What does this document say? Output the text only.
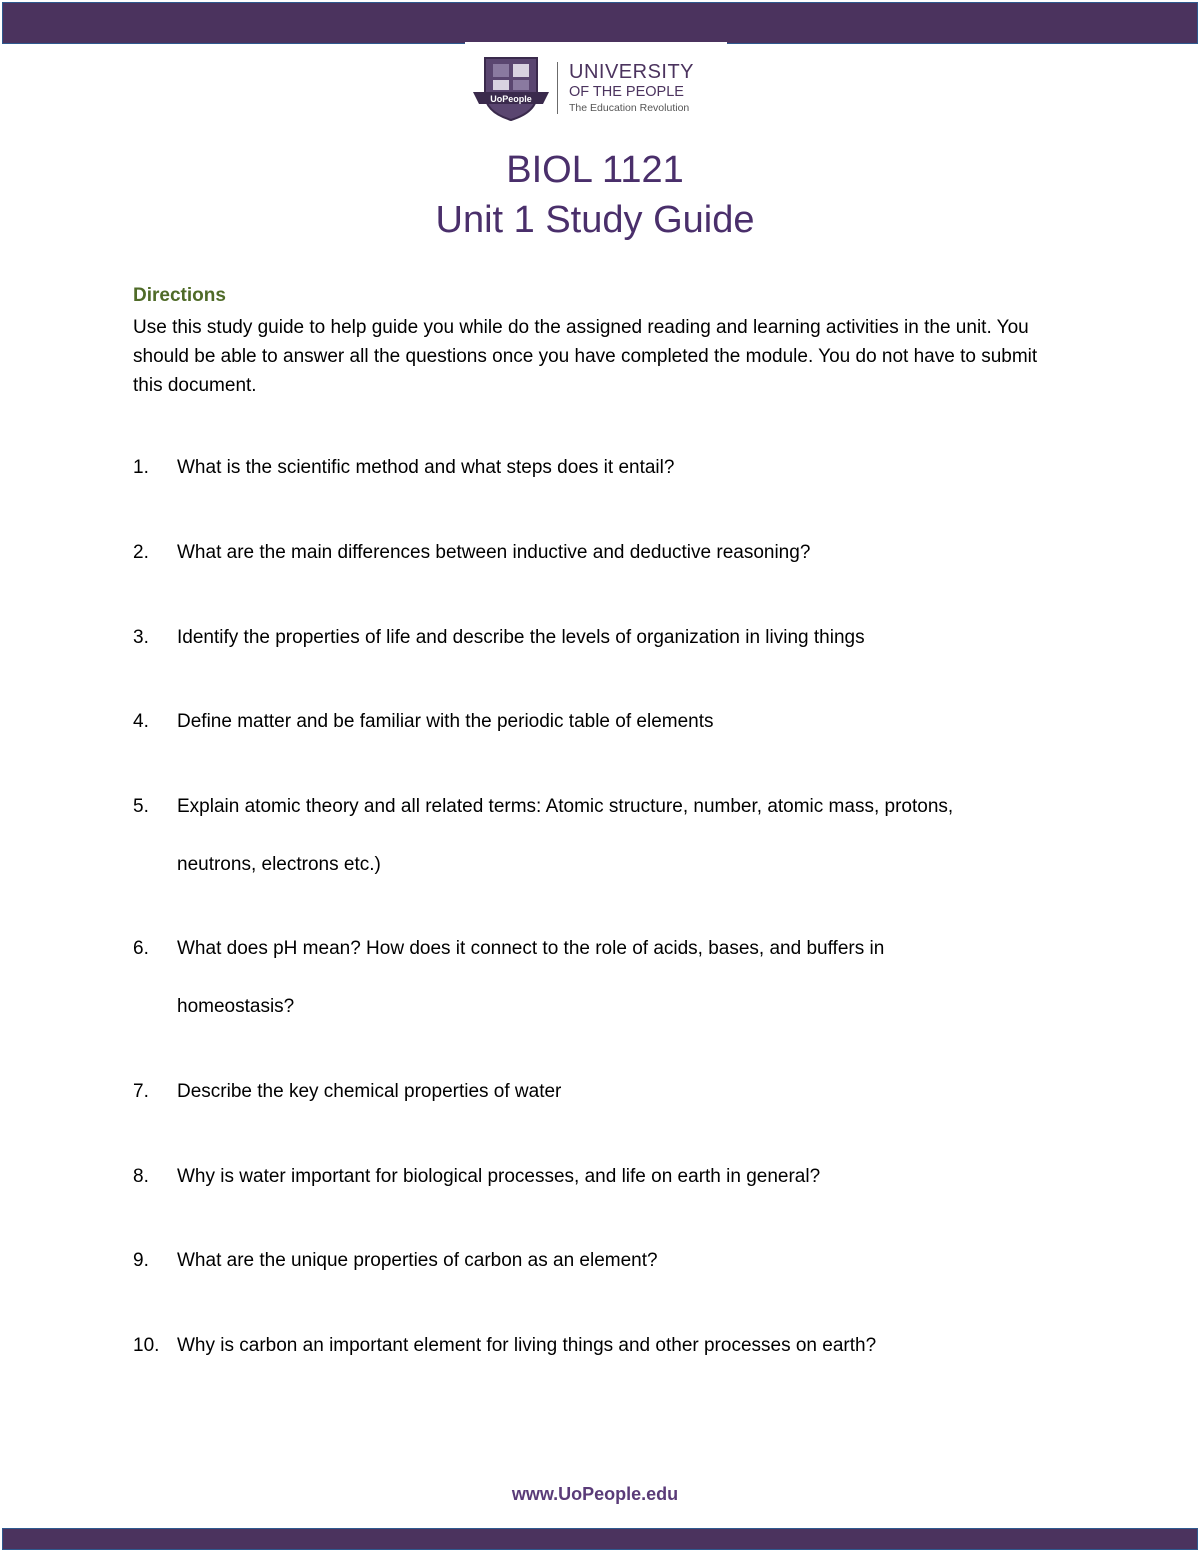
UoPeople
UNIVERSITY
OF THE PEOPLE
The Education Revolution
BIOL 1121
Unit 1 Study Guide
Directions
Use this study guide to help guide you while do the assigned reading and learning activities in the unit. You should be able to answer all the questions once you have completed the module. You do not have to submit this document.
1. What is the scientific method and what steps does it entail?
2. What are the main differences between inductive and deductive reasoning?
3. Identify the properties of life and describe the levels of organization in living things
4. Define matter and be familiar with the periodic table of elements
5. Explain atomic theory and all related terms: Atomic structure, number, atomic mass, protons, neutrons, electrons etc.)
6. What does pH mean? How does it connect to the role of acids, bases, and buffers in homeostasis?
7. Describe the key chemical properties of water
8. Why is water important for biological processes, and life on earth in general?
9. What are the unique properties of carbon as an element?
10. Why is carbon an important element for living things and other processes on earth?
www.UoPeople.edu
